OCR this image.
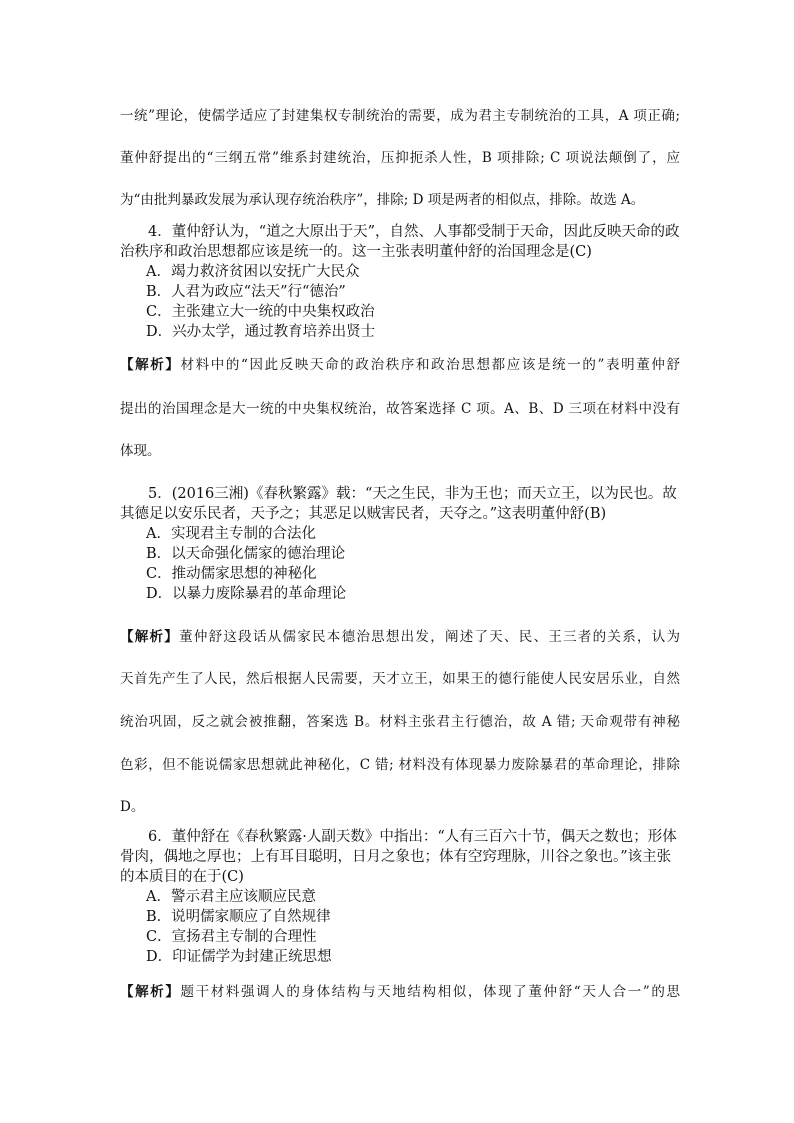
一统”理论，使儒学适应了封建集权专制统治的需要，成为君主专制统治的工具，A 项正确;
董仲舒提出的“三纲五常”维系封建统治，压抑扼杀人性，B 项排除; C 项说法颠倒了，应
为“由批判暴政发展为承认现存统治秩序”，排除; D 项是两者的相似点，排除。故选 A。
4．董仲舒认为，“道之大原出于天”，自然、人事都受制于天命，因此反映天命的政治秩序和政治思想都应该是统一的。这一主张表明董仲舒的治国理念是(C)
A．竭力救济贫困以安抚广大民众
B．人君为政应“法天”行“德治”
C．主张建立大一统的中央集权政治
D．兴办太学，通过教育培养出贤士
【解析】材料中的“因此反映天命的政治秩序和政治思想都应该是统一的”表明董仲舒
提出的治国理念是大一统的中央集权统治，故答案选择 C 项。A、B、D 三项在材料中没有
体现。
5．(2016三湘)《春秋繁露》载：“天之生民，非为王也；而天立王，以为民也。故其德足以安乐民者，天予之；其恶足以贼害民者，天夺之。”这表明董仲舒(B)
A．实现君主专制的合法化
B．以天命强化儒家的德治理论
C．推动儒家思想的神秘化
D．以暴力废除暴君的革命理论
【解析】董仲舒这段话从儒家民本德治思想出发，阐述了天、民、王三者的关系，认为
天首先产生了人民，然后根据人民需要，天才立王，如果王的德行能使人民安居乐业，自然
统治巩固，反之就会被推翻，答案选 B。材料主张君主行德治，故 A 错; 天命观带有神秘
色彩，但不能说儒家思想就此神秘化，C 错; 材料没有体现暴力废除暴君的革命理论，排除
D。
6．董仲舒在《春秋繁露·人副天数》中指出：“人有三百六十节，偶天之数也；形体骨肉，偶地之厚也；上有耳目聪明，日月之象也；体有空窍理脉，川谷之象也。”该主张的本质目的在于(C)
A．警示君主应该顺应民意
B．说明儒家顺应了自然规律
C．宣扬君主专制的合理性
D．印证儒学为封建正统思想
【解析】题干材料强调人的身体结构与天地结构相似，体现了董仲舒“天人合一”的思
